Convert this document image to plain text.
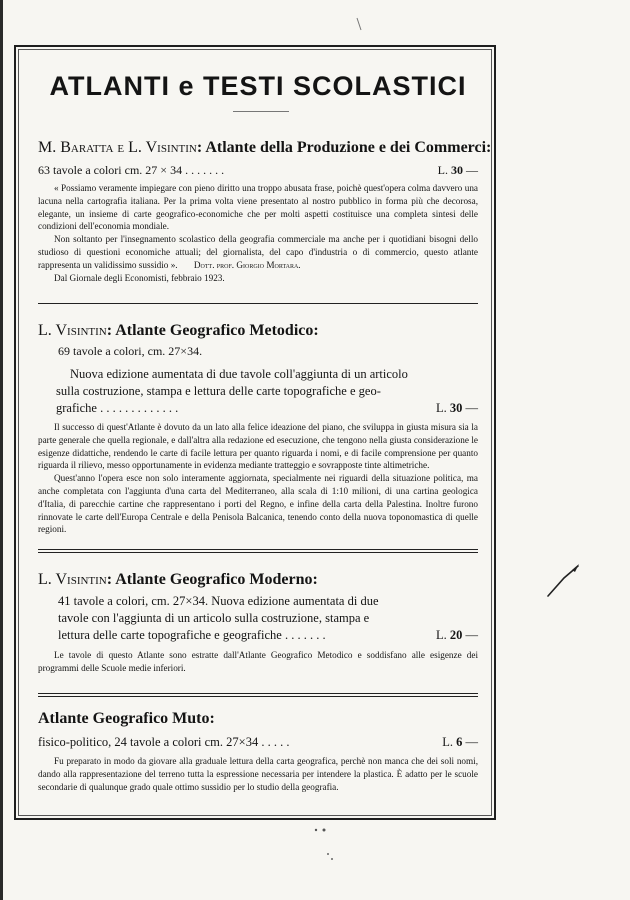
ATLANTI e TESTI SCOLASTICI

M. Baratta e L. Visintin: Atlante della Produzione e dei Commerci:

63 tavole a colori cm. 27 × 34 . . . . . . .	L. 30 —

« Possiamo veramente impiegare con pieno diritto una troppo abusata frase, poichè quest'opera colma davvero una lacuna nella cartografia italiana. Per la prima volta viene presentato al nostro pubblico in forma più che decorosa, elegante, un insieme di carte geografico-economiche che per molti aspetti costituisce una completa sintesi delle condizioni dell'economia mondiale.

Non soltanto per l'insegnamento scolastico della geografia commerciale ma anche per i quotidiani bisogni dello studioso di questioni economiche attuali; del giornalista, del capo d'industria o di commercio, questo atlante rappresenta un validissimo sussidio ». Dott. prof. Giorgio Mortara.

Dal Giornale degli Economisti, febbraio 1923.

L. Visintin: Atlante Geografico Metodico:

69 tavole a colori, cm. 27×34.

Nuova edizione aumentata di due tavole coll'aggiunta di un articolo

sulla costruzione, stampa e lettura delle carte topografiche e geo-

grafiche . . . . . . . . . . . . .	L. 30 —

Il successo di quest'Atlante è dovuto da un lato alla felice ideazione del piano, che sviluppa in giusta misura sia la parte generale che quella regionale, e dall'altra alla redazione ed esecuzione, che tengono nella giusta considerazione le esigenze didattiche, rendendo le carte di facile lettura per quanto riguarda i nomi, e di facile comprensione per quanto riguarda il rilievo, messo opportunamente in evidenza mediante tratteggio e sovrapposte tinte altimetriche.

Quest'anno l'opera esce non solo interamente aggiornata, specialmente nei riguardi della situazione politica, ma anche completata con l'aggiunta d'una carta del Mediterraneo, alla scala di 1:10 milioni, di una cartina geologica d'Italia, di parecchie cartine che rappresentano i porti del Regno, e infine della carta della Palestina. Inoltre furono rinnovate le carte dell'Europa Centrale e della Penisola Balcanica, tenendo conto della nuova toponomastica di quelle regioni.

L. Visintin: Atlante Geografico Moderno:

41 tavole a colori, cm. 27×34. Nuova edizione aumentata di due

tavole con l'aggiunta di un articolo sulla costruzione, stampa e

lettura delle carte topografiche e geografiche . . . . . . .	L. 20 —

Le tavole di questo Atlante sono estratte dall'Atlante Geografico Metodico e soddisfano alle esigenze dei programmi delle Scuole medie inferiori.

Atlante Geografico Muto:

fisico-politico, 24 tavole a colori cm. 27×34 . . . . .	L. 6 —

Fu preparato in modo da giovare alla graduale lettura della carta geografica, perchè non manca che dei soli nomi, dando alla rappresentazione del terreno tutta la espressione necessaria per intendere la plastica. È adatto per le scuole secondarie di qualunque grado quale ottimo sussidio per lo studio della geografia.
